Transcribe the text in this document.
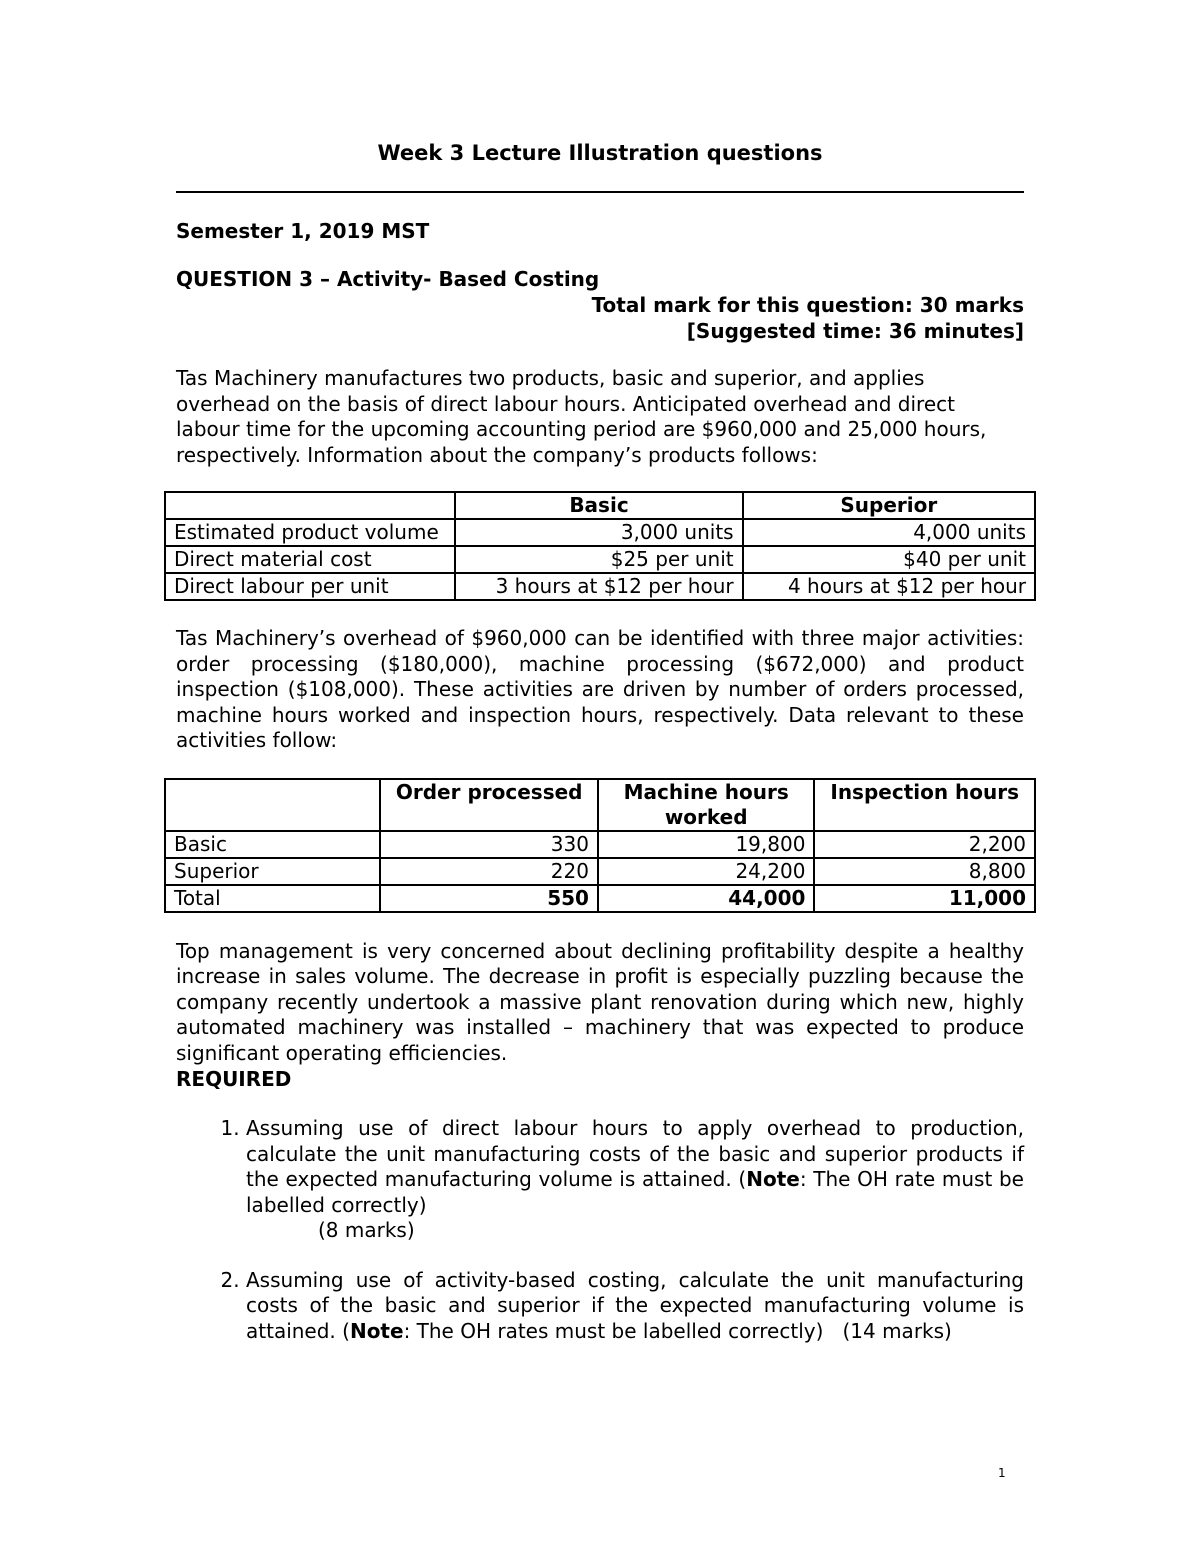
Week 3 Lecture Illustration questions
Semester 1, 2019 MST
QUESTION 3 – Activity- Based Costing
Total mark for this question: 30 marks
[Suggested time: 36 minutes]

Tas Machinery manufactures two products, basic and superior, and applies overhead on the basis of direct labour hours. Anticipated overhead and direct labour time for the upcoming accounting period are $960,000 and 25,000 hours, respectively. Information about the company’s products follows:

	Basic	Superior
Estimated product volume	3,000 units	4,000 units
Direct material cost	$25 per unit	$40 per unit
Direct labour per unit	3 hours at $12 per hour	4 hours at $12 per hour

Tas Machinery’s overhead of $960,000 can be identified with three major activities: order processing ($180,000), machine processing ($672,000) and product inspection ($108,000). These activities are driven by number of orders processed, machine hours worked and inspection hours, respectively. Data relevant to these activities follow:

	Order processed	Machine hours worked	Inspection hours
Basic	330	19,800	2,200
Superior	220	24,200	8,800
Total	550	44,000	11,000

Top management is very concerned about declining profitability despite a healthy increase in sales volume. The decrease in profit is especially puzzling because the company recently undertook a massive plant renovation during which new, highly automated machinery was installed – machinery that was expected to produce significant operating efficiencies.

REQUIRED
1. Assuming use of direct labour hours to apply overhead to production, calculate the unit manufacturing costs of the basic and superior products if the expected manufacturing volume is attained. (Note: The OH rate must be labelled correctly)
(8 marks)
2. Assuming use of activity-based costing, calculate the unit manufacturing costs of the basic and superior if the expected manufacturing volume is attained. (Note: The OH rates must be labelled correctly)   (14 marks)
1
